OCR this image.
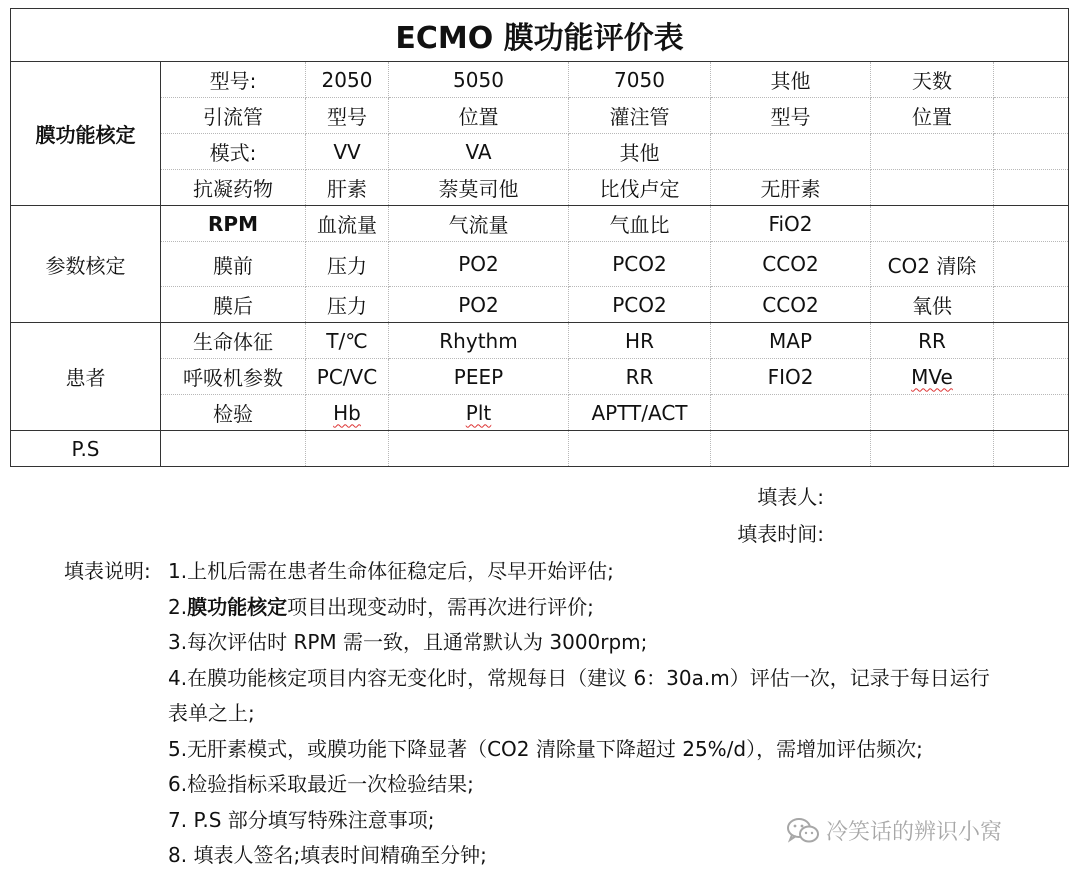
ECMO 膜功能评价表							
膜功能核定	型号:	2050	5050	7050	其他	天数	
	引流管	型号	位置	灌注管	型号	位置	
	模式:	VV	VA	其他			
	抗凝药物	肝素	萘莫司他	比伐卢定	无肝素		
参数核定	RPM	血流量	气流量	气血比	FiO2		
	膜前	压力	PO2	PCO2	CCO2	CO2 清除	
	膜后	压力	PO2	PCO2	CCO2	氧供	
患者	生命体征	T/℃	Rhythm	HR	MAP	RR	
	呼吸机参数	PC/VC	PEEP	RR	FIO2	MVe	
	检验	Hb	Plt	APTT/ACT			
P.S							
填表人:
填表时间:
填表说明: 1.上机后需在患者生命体征稳定后，尽早开始评估;
2.膜功能核定项目出现变动时，需再次进行评价;
3.每次评估时 RPM 需一致，且通常默认为 3000rpm;
4.在膜功能核定项目内容无变化时，常规每日（建议 6：30a.m）评估一次，记录于每日运行
表单之上;
5.无肝素模式，或膜功能下降显著（CO2 清除量下降超过 25%/d），需增加评估频次;
6.检验指标采取最近一次检验结果;
7. P.S 部分填写特殊注意事项;
8. 填表人签名;填表时间精确至分钟;
冷笑话的辨识小窝
